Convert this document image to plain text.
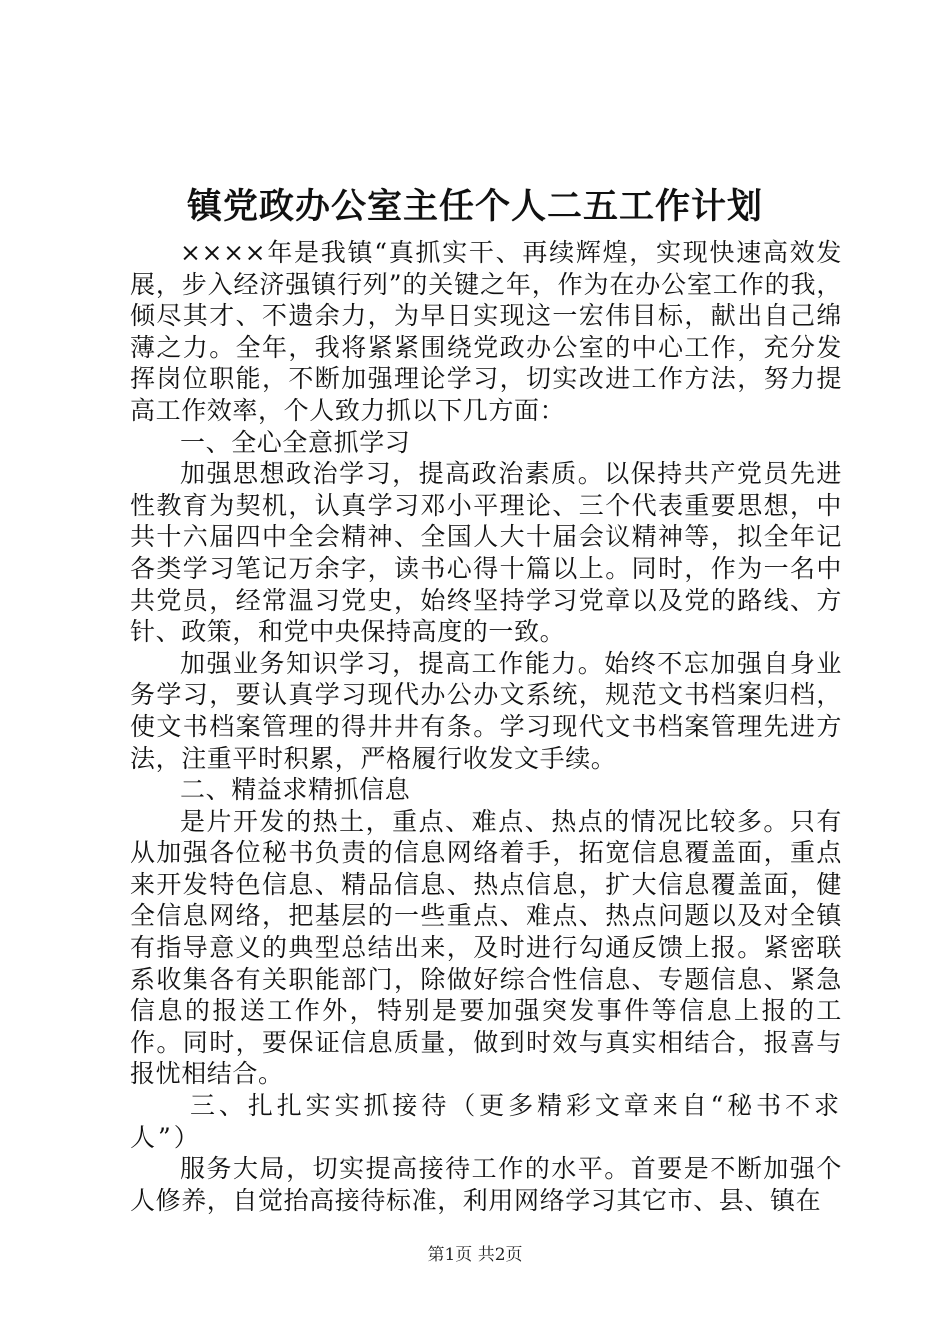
镇党政办公室主任个人二五工作计划

××××年是我镇“真抓实干、再续辉煌，实现快速高效发展，步入经济强镇行列”的关键之年，作为在办公室工作的我，倾尽其才、不遗余力，为早日实现这一宏伟目标，献出自己绵薄之力。全年，我将紧紧围绕党政办公室的中心工作，充分发挥岗位职能，不断加强理论学习，切实改进工作方法，努力提高工作效率，个人致力抓以下几方面：

一、全心全意抓学习

加强思想政治学习，提高政治素质。以保持共产党员先进性教育为契机，认真学习邓小平理论、三个代表重要思想，中共十六届四中全会精神、全国人大十届会议精神等，拟全年记各类学习笔记万余字，读书心得十篇以上。同时，作为一名中共党员，经常温习党史，始终坚持学习党章以及党的路线、方针、政策，和党中央保持高度的一致。

加强业务知识学习，提高工作能力。始终不忘加强自身业务学习，要认真学习现代办公办文系统，规范文书档案归档，使文书档案管理的得井井有条。学习现代文书档案管理先进方法，注重平时积累，严格履行收发文手续。

二、精益求精抓信息

是片开发的热土，重点、难点、热点的情况比较多。只有从加强各位秘书负责的信息网络着手，拓宽信息覆盖面，重点来开发特色信息、精品信息、热点信息，扩大信息覆盖面，健全信息网络，把基层的一些重点、难点、热点问题以及对全镇有指导意义的典型总结出来，及时进行勾通反馈上报。紧密联系收集各有关职能部门，除做好综合性信息、专题信息、紧急信息的报送工作外，特别是要加强突发事件等信息上报的工作。同时，要保证信息质量，做到时效与真实相结合，报喜与报忧相结合。

三、扎扎实实抓接待（更多精彩文章来自“秘书不求人”）

服务大局，切实提高接待工作的水平。首要是不断加强个人修养，自觉抬高接待标准，利用网络学习其它市、县、镇在

第1页 共2页
